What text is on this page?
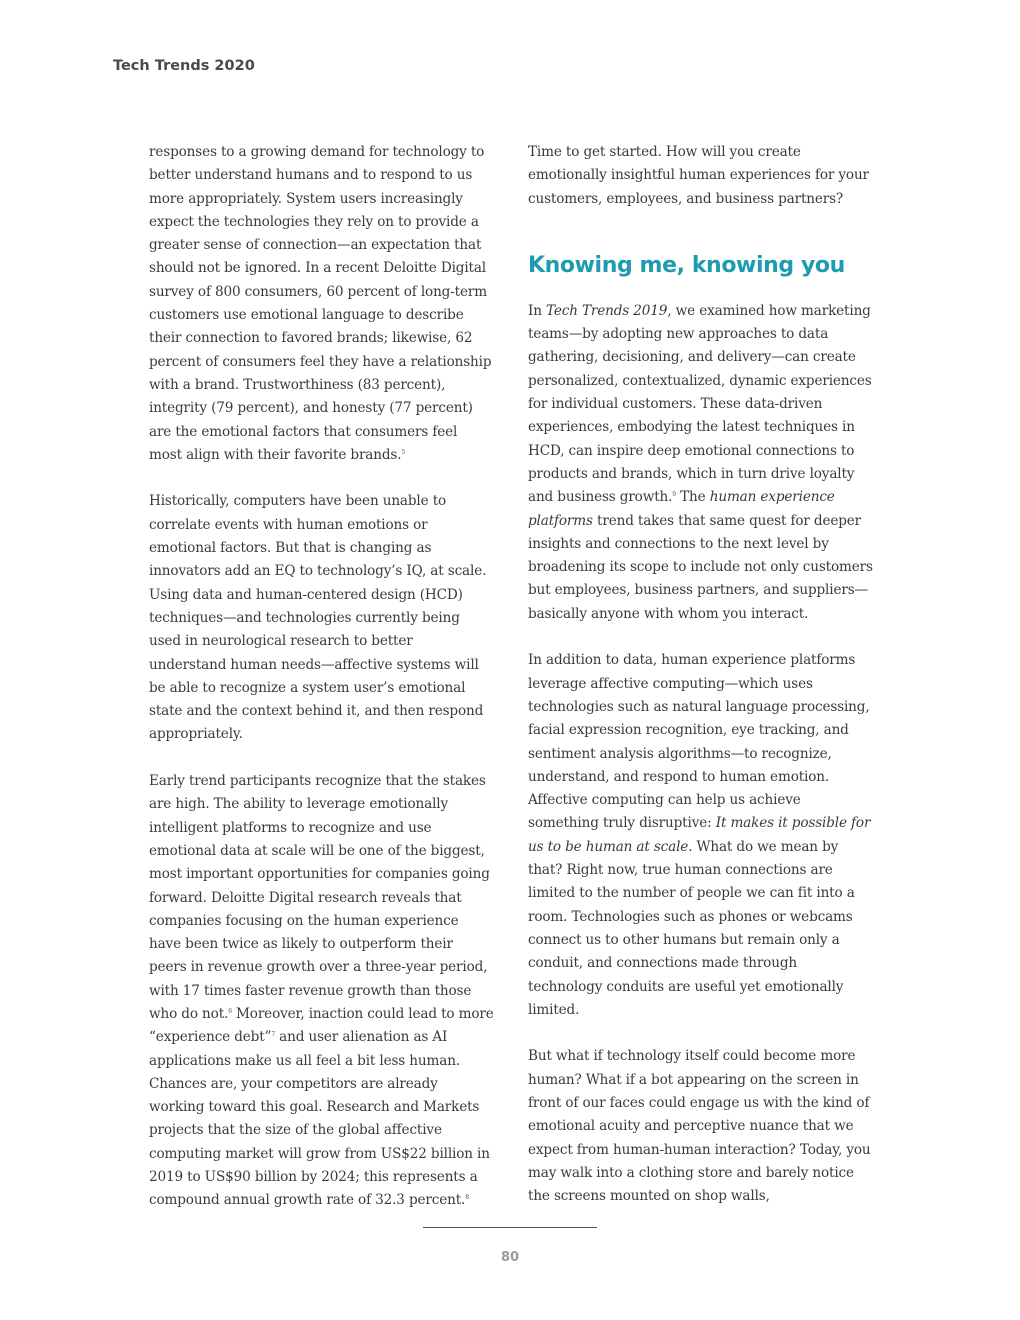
Tech Trends 2020

responses to a growing demand for technology to better understand humans and to respond to us more appropriately. System users increasingly expect the technologies they rely on to provide a greater sense of connection—an expectation that should not be ignored. In a recent Deloitte Digital survey of 800 consumers, 60 percent of long-term customers use emotional language to describe their connection to favored brands; likewise, 62 percent of consumers feel they have a relationship with a brand. Trustworthiness (83 percent), integrity (79 percent), and honesty (77 percent) are the emotional factors that consumers feel most align with their favorite brands.$^5$

Historically, computers have been unable to correlate events with human emotions or emotional factors. But that is changing as innovators add an EQ to technology’s IQ, at scale. Using data and human-centered design (HCD) techniques—and technologies currently being used in neurological research to better understand human needs—affective systems will be able to recognize a system user’s emotional state and the context behind it, and then respond appropriately.

Early trend participants recognize that the stakes are high. The ability to leverage emotionally intelligent platforms to recognize and use emotional data at scale will be one of the biggest, most important opportunities for companies going forward. Deloitte Digital research reveals that companies focusing on the human experience have been twice as likely to outperform their peers in revenue growth over a three-year period, with 17 times faster revenue growth than those who do not.$^6$ Moreover, inaction could lead to more “experience debt”$^7$ and user alienation as AI applications make us all feel a bit less human. Chances are, your competitors are already working toward this goal. Research and Markets projects that the size of the global affective computing market will grow from US$22 billion in 2019 to US$90 billion by 2024; this represents a compound annual growth rate of 32.3 percent.$^8$

Time to get started. How will you create emotionally insightful human experiences for your customers, employees, and business partners?

Knowing me, knowing you

In Tech Trends 2019, we examined how marketing teams—by adopting new approaches to data gathering, decisioning, and delivery—can create personalized, contextualized, dynamic experiences for individual customers. These data-driven experiences, embodying the latest techniques in HCD, can inspire deep emotional connections to products and brands, which in turn drive loyalty and business growth.$^9$ The human experience platforms trend takes that same quest for deeper insights and connections to the next level by broadening its scope to include not only customers but employees, business partners, and suppliers—basically anyone with whom you interact.

In addition to data, human experience platforms leverage affective computing—which uses technologies such as natural language processing, facial expression recognition, eye tracking, and sentiment analysis algorithms—to recognize, understand, and respond to human emotion. Affective computing can help us achieve something truly disruptive: It makes it possible for us to be human at scale. What do we mean by that? Right now, true human connections are limited to the number of people we can fit into a room. Technologies such as phones or webcams connect us to other humans but remain only a conduit, and connections made through technology conduits are useful yet emotionally limited.

But what if technology itself could become more human? What if a bot appearing on the screen in front of our faces could engage us with the kind of emotional acuity and perceptive nuance that we expect from human-human interaction? Today, you may walk into a clothing store and barely notice the screens mounted on shop walls,

80
